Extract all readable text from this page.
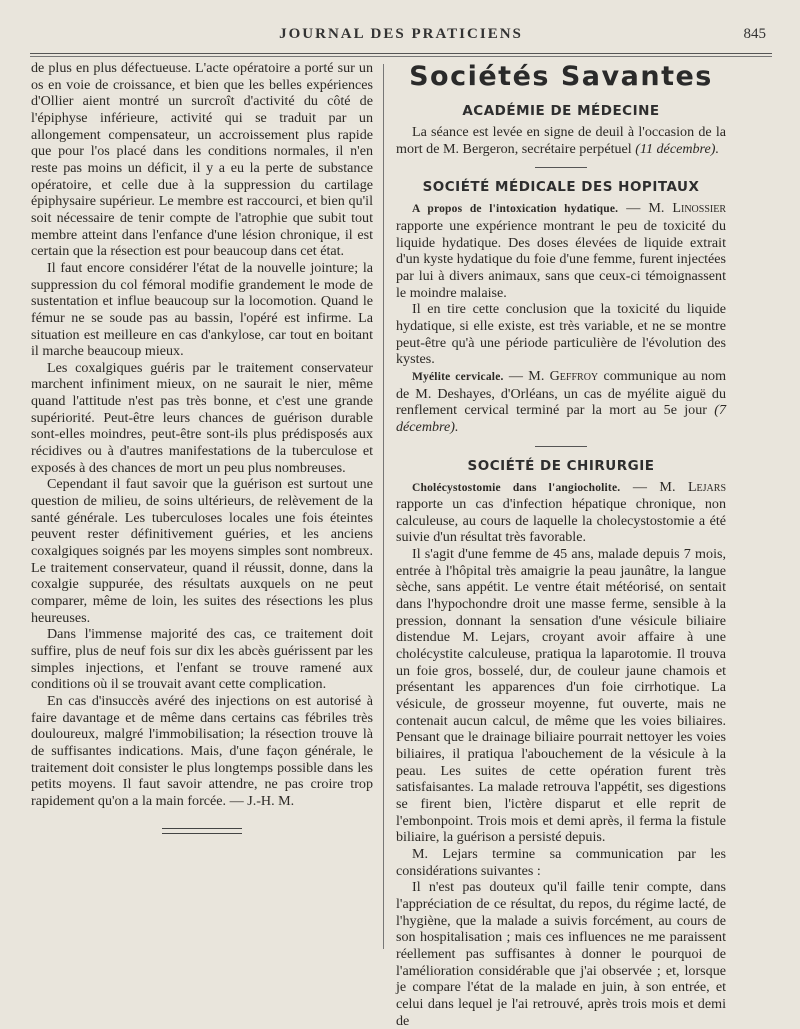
JOURNAL DES PRATICIENS	845

de plus en plus défectueuse. L'acte opératoire a porté sur un os en voie de croissance, et bien que les belles expériences d'Ollier aient montré un surcroît d'activité du côté de l'épiphyse inférieure, activité qui se traduit par un allongement compensateur, un accroissement plus rapide que pour l'os placé dans les conditions normales, il n'en reste pas moins un déficit, il y a eu la perte de substance opératoire, et celle due à la suppression du cartilage épiphysaire supérieur. Le membre est raccourci, et bien qu'il soit nécessaire de tenir compte de l'atrophie que subit tout membre atteint dans l'enfance d'une lésion chronique, il est certain que la résection est pour beaucoup dans cet état.

Il faut encore considérer l'état de la nouvelle jointure; la suppression du col fémoral modifie grandement le mode de sustentation et influe beaucoup sur la locomotion. Quand le fémur ne se soude pas au bassin, l'opéré est infirme. La situation est meilleure en cas d'ankylose, car tout en boitant il marche beaucoup mieux.

Les coxalgiques guéris par le traitement conservateur marchent infiniment mieux, on ne saurait le nier, même quand l'attitude n'est pas très bonne, et c'est une grande supériorité. Peut-être leurs chances de guérison durable sont-elles moindres, peut-être sont-ils plus prédisposés aux récidives ou à d'autres manifestations de la tuberculose et exposés à des chances de mort un peu plus nombreuses.

Cependant il faut savoir que la guérison est surtout une question de milieu, de soins ultérieurs, de relèvement de la santé générale. Les tuberculoses locales une fois éteintes peuvent rester définitivement guéries, et les anciens coxalgiques soignés par les moyens simples sont nombreux. Le traitement conservateur, quand il réussit, donne, dans la coxalgie suppurée, des résultats auxquels on ne peut comparer, même de loin, les suites des résections les plus heureuses.

Dans l'immense majorité des cas, ce traitement doit suffire, plus de neuf fois sur dix les abcès guérissent par les simples injections, et l'enfant se trouve ramené aux conditions où il se trouvait avant cette complication.

En cas d'insuccès avéré des injections on est autorisé à faire davantage et de même dans certains cas fébriles très douloureux, malgré l'immobilisation; la résection trouve là de suffisantes indications. Mais, d'une façon générale, le traitement doit consister le plus longtemps possible dans les petits moyens. Il faut savoir attendre, ne pas croire trop rapidement qu'on a la main forcée. — J.-H. M.

Sociétés Savantes
ACADÉMIE DE MÉDECINE

La séance est levée en signe de deuil à l'occasion de la mort de M. Bergeron, secrétaire perpétuel (11 décembre).

SOCIÉTÉ MÉDICALE DES HOPITAUX

A propos de l'intoxication hydatique. — M. Linossier rapporte une expérience montrant le peu de toxicité du liquide hydatique. Des doses élevées de liquide extrait d'un kyste hydatique du foie d'une femme, furent injectées par lui à divers animaux, sans que ceux-ci témoignassent le moindre malaise.

Il en tire cette conclusion que la toxicité du liquide hydatique, si elle existe, est très variable, et ne se montre peut-être qu'à une période particulière de l'évolution des kystes.

Myélite cervicale. — M. Geffroy communique au nom de M. Deshayes, d'Orléans, un cas de myélite aiguë du renflement cervical terminé par la mort au 5e jour (7 décembre).

SOCIÉTÉ DE CHIRURGIE

Cholécystostomie dans l'angiocholite. — M. Lejars rapporte un cas d'infection hépatique chronique, non calculeuse, au cours de laquelle la cholecystostomie a été suivie d'un résultat très favorable.

Il s'agit d'une femme de 45 ans, malade depuis 7 mois, entrée à l'hôpital très amaigrie la peau jaunâtre, la langue sèche, sans appétit. Le ventre était météorisé, on sentait dans l'hypochondre droit une masse ferme, sensible à la pression, donnant la sensation d'une vésicule biliaire distendue M. Lejars, croyant avoir affaire à une cholécystite calculeuse, pratiqua la laparotomie. Il trouva un foie gros, bosselé, dur, de couleur jaune chamois et présentant les apparences d'un foie cirrhotique. La vésicule, de grosseur moyenne, fut ouverte, mais ne contenait aucun calcul, de même que les voies biliaires. Pensant que le drainage biliaire pourrait nettoyer les voies biliaires, il pratiqua l'abouchement de la vésicule à la peau. Les suites de cette opération furent très satisfaisantes. La malade retrouva l'appétit, ses digestions se firent bien, l'ictère disparut et elle reprit de l'embonpoint. Trois mois et demi après, il ferma la fistule biliaire, la guérison a persisté depuis.

M. Lejars termine sa communication par les considérations suivantes :

Il n'est pas douteux qu'il faille tenir compte, dans l'appréciation de ce résultat, du repos, du régime lacté, de l'hygiène, que la malade a suivis forcément, au cours de son hospitalisation ; mais ces influences ne me paraissent réellement pas suffisantes à donner le pourquoi de l'amélioration considérable que j'ai observée ; et, lorsque je compare l'état de la malade en juin, à son entrée, et celui dans lequel je l'ai retrouvé, après trois mois et demi de
